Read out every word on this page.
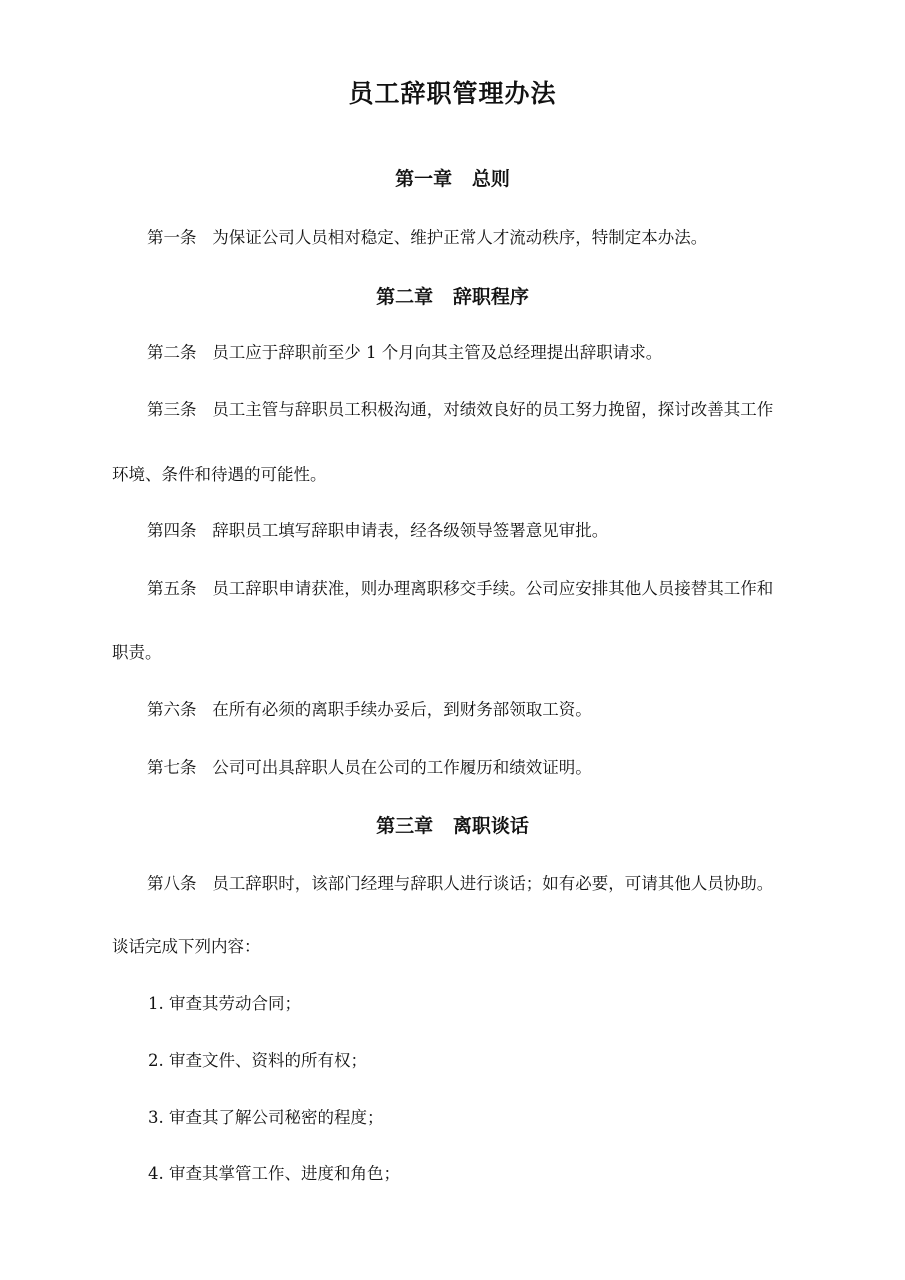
员工辞职管理办法
第一章   总则
第一条   为保证公司人员相对稳定、维护正常人才流动秩序，特制定本办法。
第二章   辞职程序
第二条   员工应于辞职前至少 1 个月向其主管及总经理提出辞职请求。
第三条   员工主管与辞职员工积极沟通，对绩效良好的员工努力挽留，探讨改善其工作
环境、条件和待遇的可能性。
第四条   辞职员工填写辞职申请表，经各级领导签署意见审批。
第五条   员工辞职申请获准，则办理离职移交手续。公司应安排其他人员接替其工作和
职责。
第六条   在所有必须的离职手续办妥后，到财务部领取工资。
第七条   公司可出具辞职人员在公司的工作履历和绩效证明。
第三章   离职谈话
第八条   员工辞职时，该部门经理与辞职人进行谈话；如有必要，可请其他人员协助。
谈话完成下列内容：
1. 审查其劳动合同；
2. 审查文件、资料的所有权；
3. 审查其了解公司秘密的程度；
4. 审查其掌管工作、进度和角色；
